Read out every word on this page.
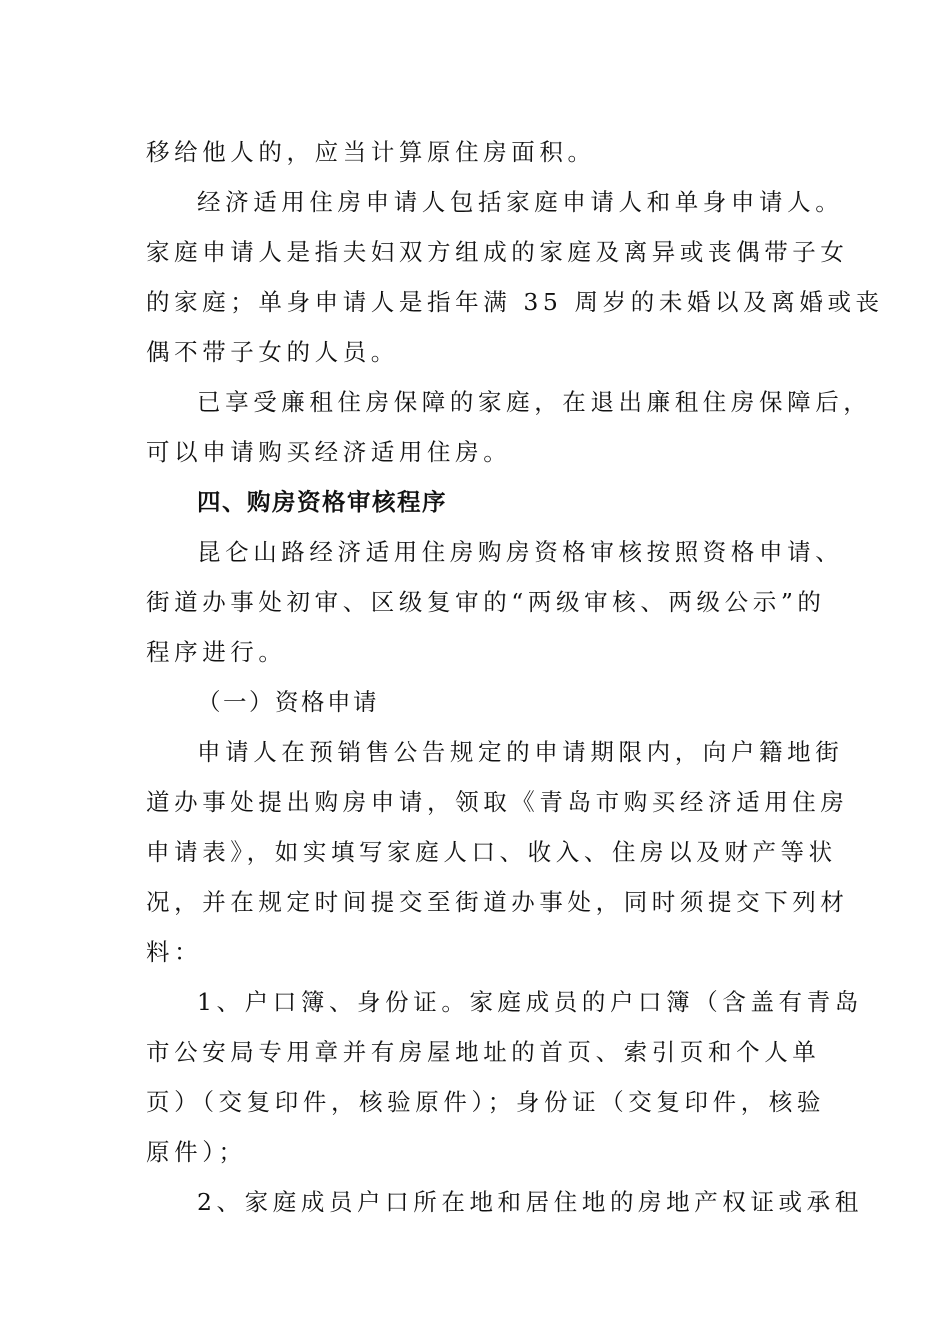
移给他人的，应当计算原住房面积。
经济适用住房申请人包括家庭申请人和单身申请人。
家庭申请人是指夫妇双方组成的家庭及离异或丧偶带子女
的家庭；单身申请人是指年满 35 周岁的未婚以及离婚或丧
偶不带子女的人员。
已享受廉租住房保障的家庭，在退出廉租住房保障后，
可以申请购买经济适用住房。
四、购房资格审核程序
昆仑山路经济适用住房购房资格审核按照资格申请、
街道办事处初审、区级复审的“两级审核、两级公示”的
程序进行。
（一）资格申请
申请人在预销售公告规定的申请期限内，向户籍地街
道办事处提出购房申请，领取《青岛市购买经济适用住房
申请表》，如实填写家庭人口、收入、住房以及财产等状
况，并在规定时间提交至街道办事处，同时须提交下列材
料：
1、户口簿、身份证。家庭成员的户口簿（含盖有青岛
市公安局专用章并有房屋地址的首页、索引页和个人单
页）（交复印件，核验原件）；身份证（交复印件，核验
原件）；
2、家庭成员户口所在地和居住地的房地产权证或承租
